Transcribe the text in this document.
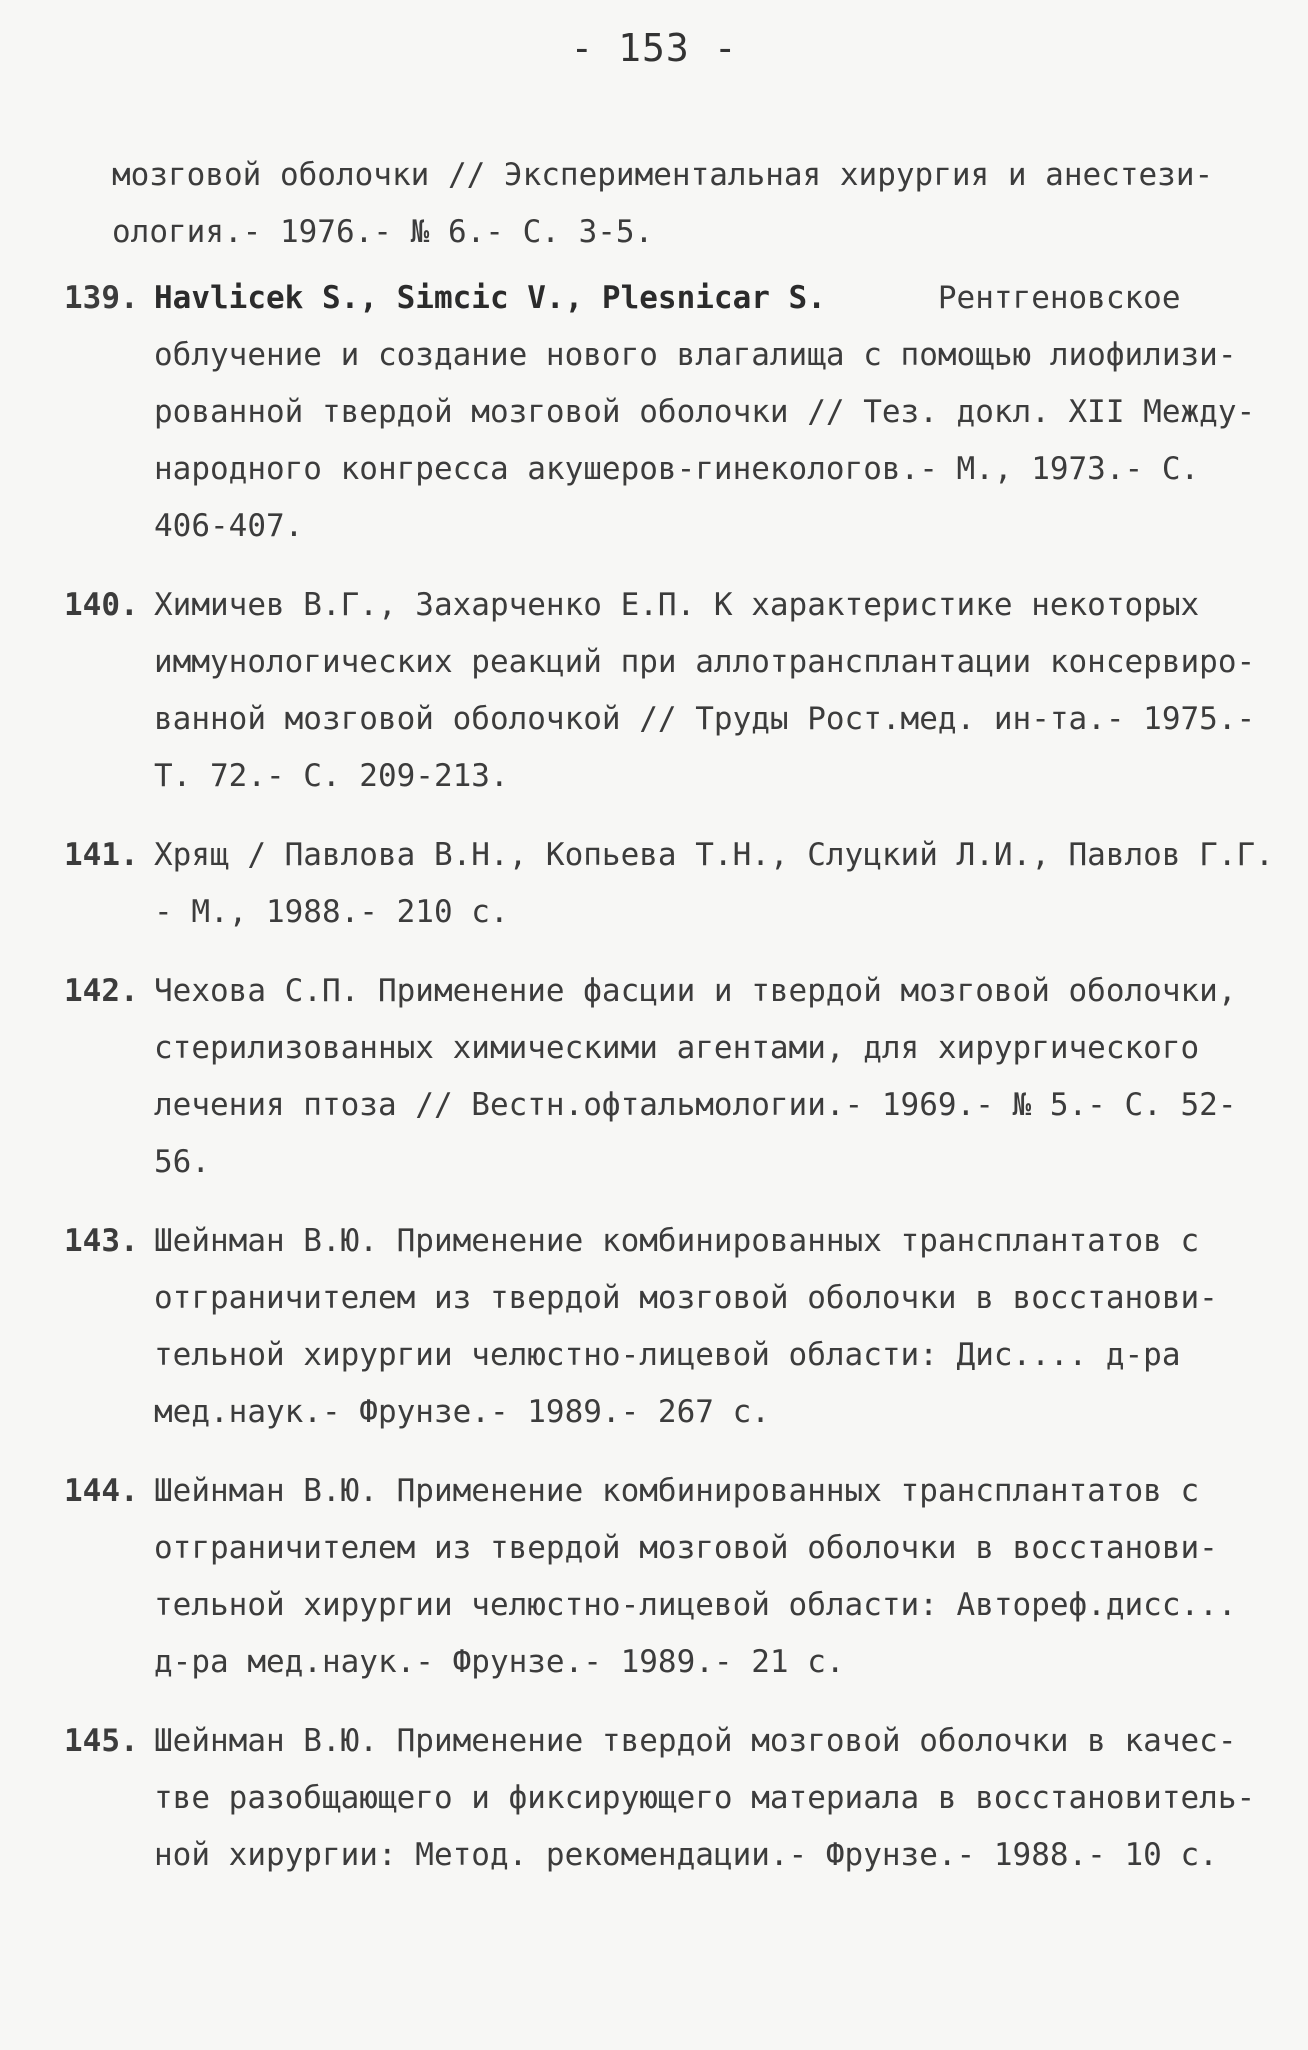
- 153 -
мозговой оболочки // Экспериментальная хирургия и анестези-
ология.- 1976.- № 6.- С. 3-5.
139. Havlicek S., Simcic V., Plesnicar S.      Рентгеновское
облучение и создание нового влагалища с помощью лиофилизи-
рованной твердой мозговой оболочки // Тез. докл. XII Между-
народного конгресса акушеров-гинекологов.- М., 1973.- С.
406-407.
140. Химичев В.Г., Захарченко Е.П. К характеристике некоторых
иммунологических реакций при аллотрансплантации консервиро-
ванной мозговой оболочкой // Труды Рост.мед. ин-та.- 1975.-
Т. 72.- С. 209-213.
141. Хрящ / Павлова В.Н., Копьева Т.Н., Слуцкий Л.И., Павлов Г.Г.
- М., 1988.- 210 с.
142. Чехова С.П. Применение фасции и твердой мозговой оболочки,
стерилизованных химическими агентами, для хирургического
лечения птоза // Вестн.офтальмологии.- 1969.- № 5.- С. 52-
56.
143. Шейнман В.Ю. Применение комбинированных трансплантатов с
отграничителем из твердой мозговой оболочки в восстанови-
тельной хирургии челюстно-лицевой области: Дис.... д-ра
мед.наук.- Фрунзе.- 1989.- 267 с.
144. Шейнман В.Ю. Применение комбинированных трансплантатов с
отграничителем из твердой мозговой оболочки в восстанови-
тельной хирургии челюстно-лицевой области: Автореф.дисс...
д-ра мед.наук.- Фрунзе.- 1989.- 21 с.
145. Шейнман В.Ю. Применение твердой мозговой оболочки в качес-
тве разобщающего и фиксирующего материала в восстановитель-
ной хирургии: Метод. рекомендации.- Фрунзе.- 1988.- 10 с.
